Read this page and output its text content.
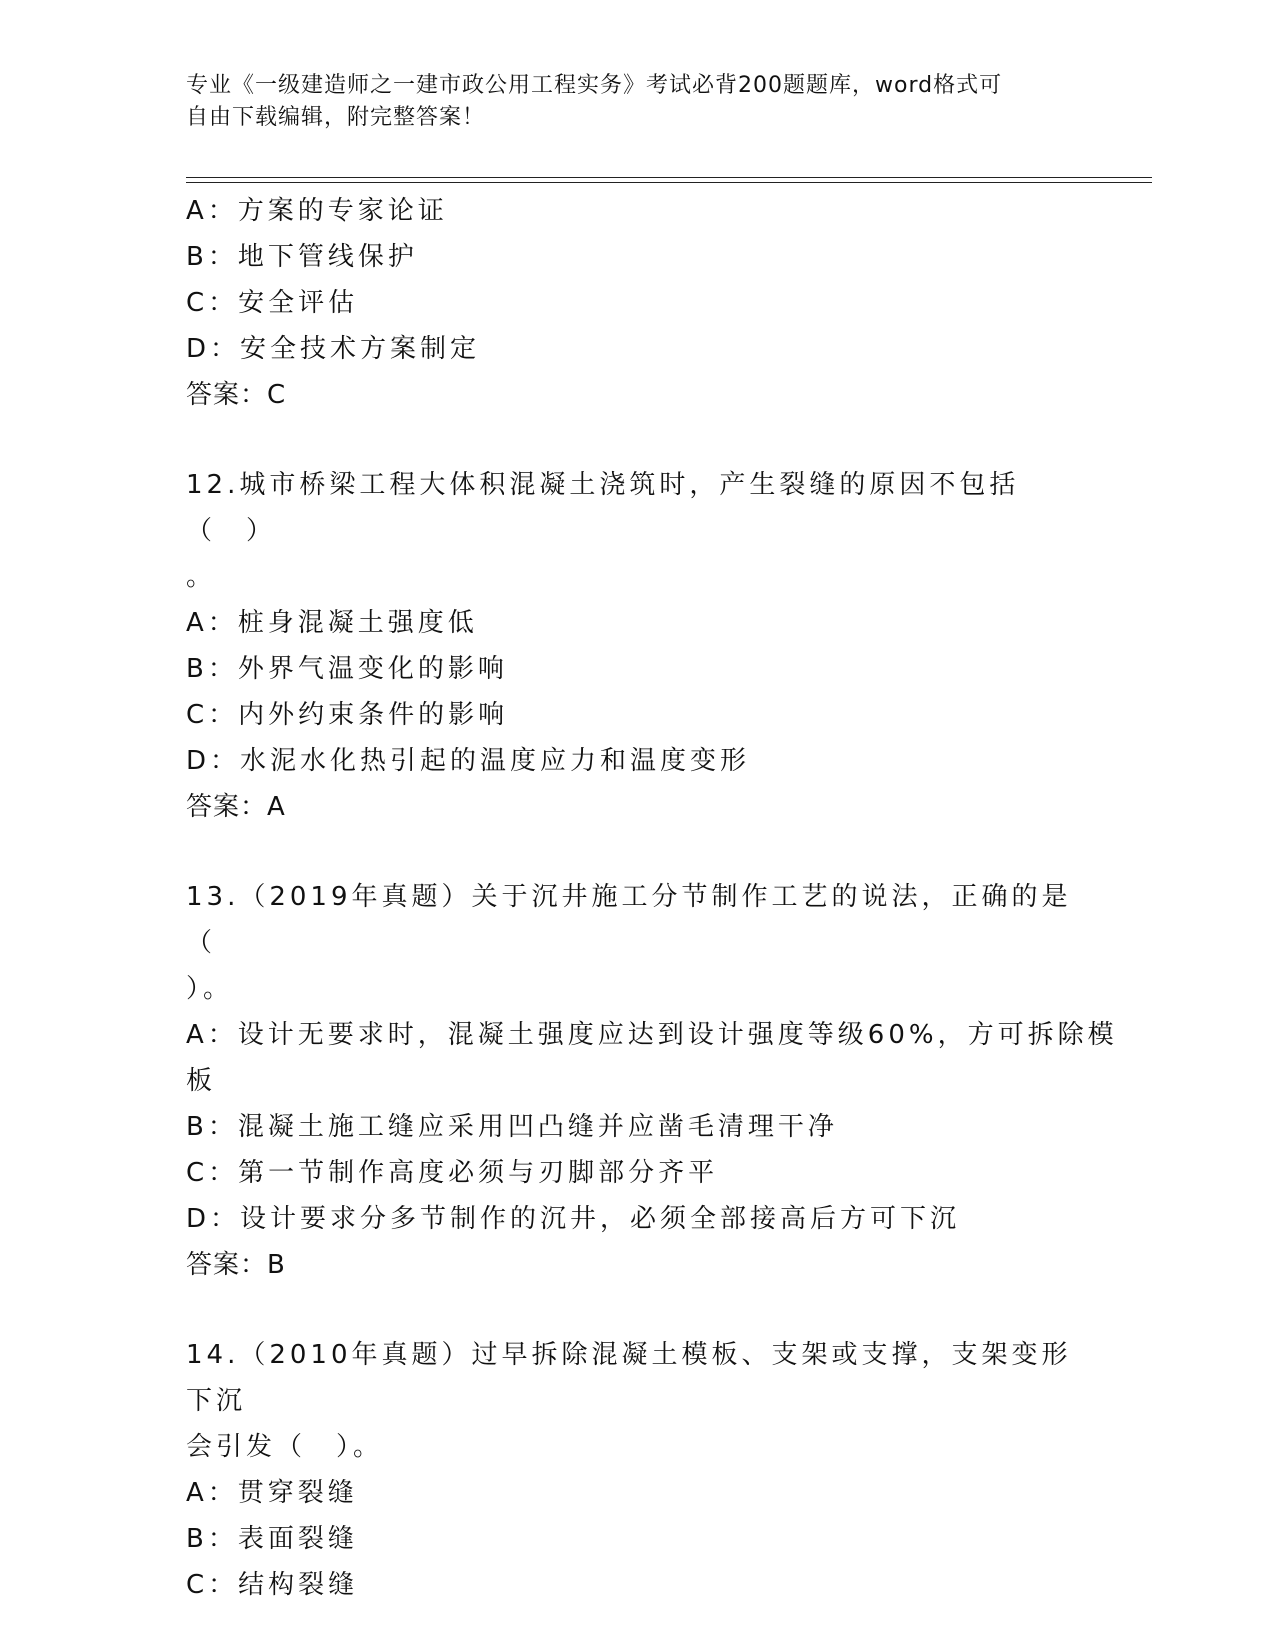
专业《一级建造师之一建市政公用工程实务》考试必背200题题库，word格式可
自由下载编辑，附完整答案！
A：方案的专家论证
B：地下管线保护
C：安全评估
D：安全技术方案制定
答案：C
12.城市桥梁工程大体积混凝土浇筑时，产生裂缝的原因不包括（　）
。
A：桩身混凝土强度低
B：外界气温变化的影响
C：内外约束条件的影响
D：水泥水化热引起的温度应力和温度变形
答案：A
13.（2019年真题）关于沉井施工分节制作工艺的说法，正确的是（
）。
A：设计无要求时，混凝土强度应达到设计强度等级60%，方可拆除模
板
B：混凝土施工缝应采用凹凸缝并应凿毛清理干净
C：第一节制作高度必须与刃脚部分齐平
D：设计要求分多节制作的沉井，必须全部接高后方可下沉
答案：B
14.（2010年真题）过早拆除混凝土模板、支架或支撑，支架变形下沉
会引发（　）。
A：贯穿裂缝
B：表面裂缝
C：结构裂缝
